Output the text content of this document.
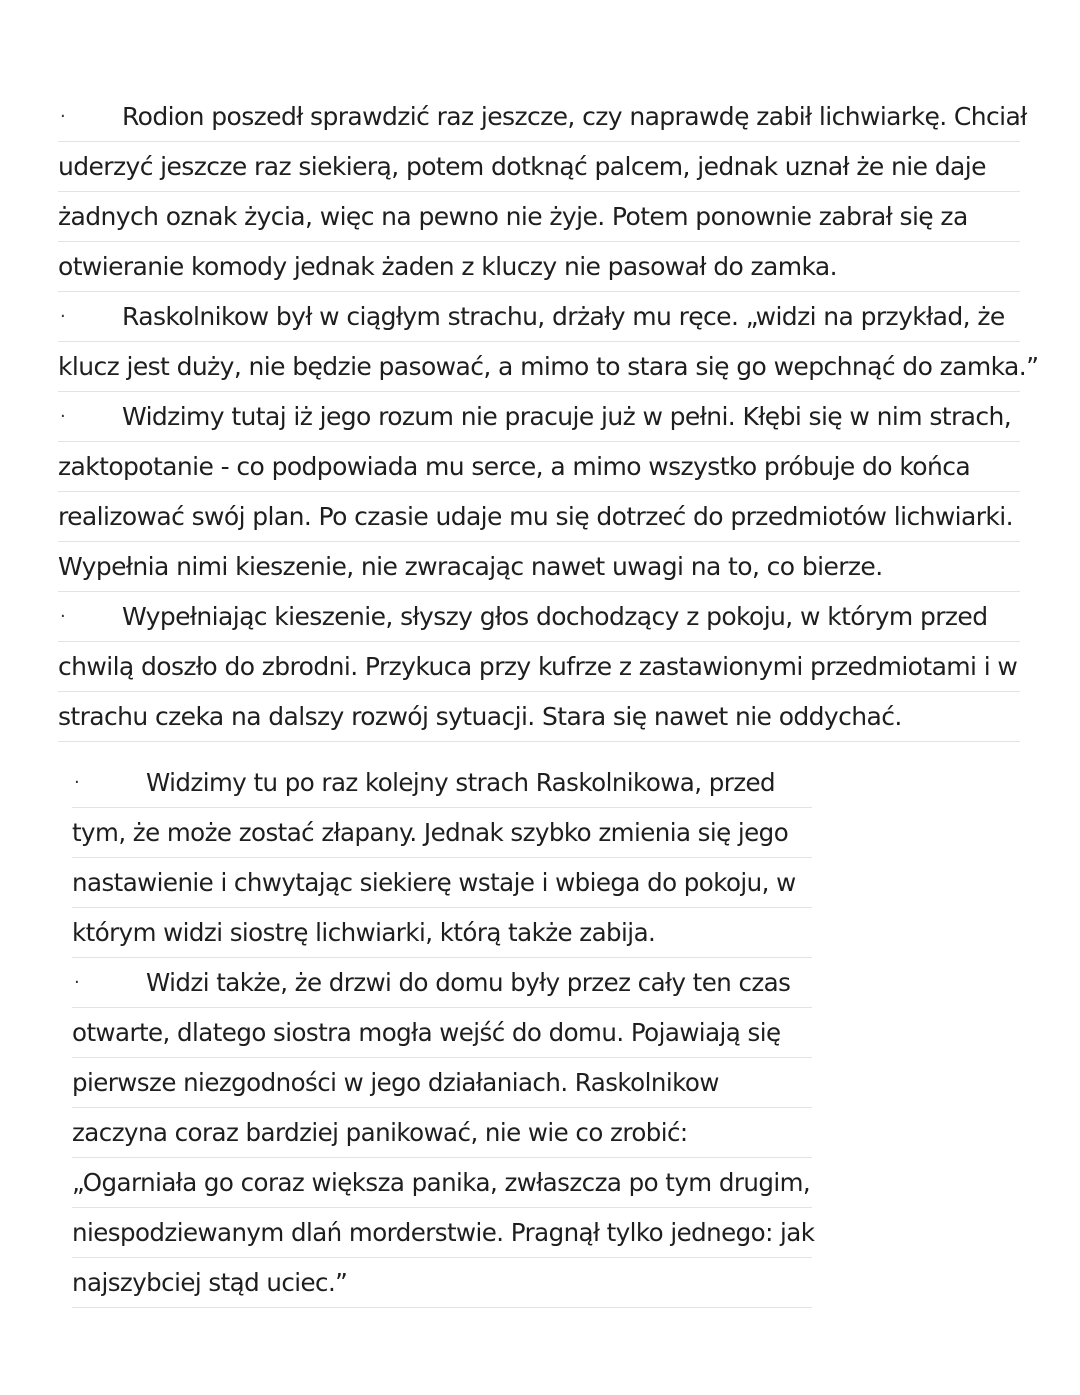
· Rodion poszedł sprawdzić raz jeszcze, czy naprawdę zabił lichwiarkę. Chciał
uderzyć jeszcze raz siekierą, potem dotknąć palcem, jednak uznał że nie daje
żadnych oznak życia, więc na pewno nie żyje. Potem ponownie zabrał się za
otwieranie komody jednak żaden z kluczy nie pasował do zamka.
· Raskolnikow był w ciągłym strachu, drżały mu ręce. „widzi na przykład, że
klucz jest duży, nie będzie pasować, a mimo to stara się go wepchnąć do zamka.”
· Widzimy tutaj iż jego rozum nie pracuje już w pełni. Kłębi się w nim strach,
zaktopotanie - co podpowiada mu serce, a mimo wszystko próbuje do końca
realizować swój plan. Po czasie udaje mu się dotrzeć do przedmiotów lichwiarki.
Wypełnia nimi kieszenie, nie zwracając nawet uwagi na to, co bierze.
· Wypełniając kieszenie, słyszy głos dochodzący z pokoju, w którym przed
chwilą doszło do zbrodni. Przykuca przy kufrze z zastawionymi przedmiotami i w
strachu czeka na dalszy rozwój sytuacji. Stara się nawet nie oddychać.
·	Widzimy tu po raz kolejny strach Raskolnikowa, przed
tym, że może zostać złapany. Jednak szybko zmienia się jego
nastawienie i chwytając siekierę wstaje i wbiega do pokoju, w
którym widzi siostrę lichwiarki, którą także zabija.
·	Widzi także, że drzwi do domu były przez cały ten czas
otwarte, dlatego siostra mogła wejść do domu. Pojawiają się
pierwsze niezgodności w jego działaniach. Raskolnikow
zaczyna coraz bardziej panikować, nie wie co zrobić:
„Ogarniała go coraz większa panika, zwłaszcza po tym drugim,
niespodziewanym dlań morderstwie. Pragnął tylko jednego: jak
najszybciej stąd uciec.”
